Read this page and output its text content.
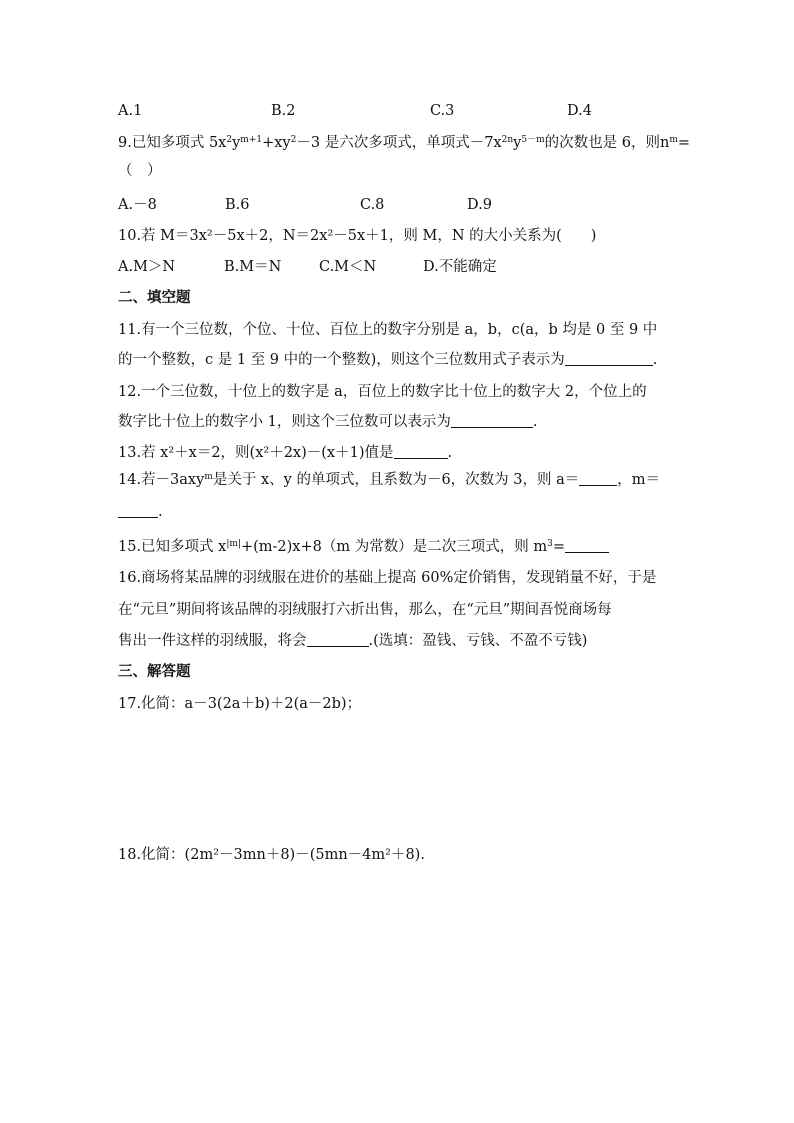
A.1	B.2	C.3	D.4
9.已知多项式 $5x^2y^{m+1}+xy^2-3$ 是六次多项式，单项式$-7x^{2n}y^{5-m}$的次数也是 6，则$n^m=$
（　）
A.－8	B.6	C.8	D.9
10.若 M＝3x²－5x＋2，N＝2x²－5x＋1，则 M，N 的大小关系为(　　)
A.M＞N	B.M＝N	C.M＜N	D.不能确定
二、填空题
11.有一个三位数，个位、十位、百位上的数字分别是 a，b，c(a，b 均是 0 至 9 中
的一个整数，c 是 1 至 9 中的一个整数)，则这个三位数用式子表示为	.
12.一个三位数，十位上的数字是 a，百位上的数字比十位上的数字大 2，个位上的
数字比十位上的数字小 1，则这个三位数可以表示为	.
13.若 x²＋x＝2，则(x²＋2x)－(x＋1)值是	.
14.若－3axy$^m$是关于 x、y 的单项式，且系数为－6，次数为 3，则 a＝	，m＝
.
15.已知多项式 $x^{|m|}+(m-2)x+8(m$ 为常数）是二次三项式，则 $m^3=$
16.商场将某品牌的羽绒服在进价的基础上提高 60%定价销售，发现销量不好，于是
在“元旦”期间将该品牌的羽绒服打六折出售，那么，在“元旦”期间吾悦商场每
售出一件这样的羽绒服，将会	.(选填：盈钱、亏钱、不盈不亏钱)
三、解答题
17.化简：a－3(2a＋b)＋2(a－2b)；
18.化简：(2m²－3mn＋8)－(5mn－4m²＋8).
